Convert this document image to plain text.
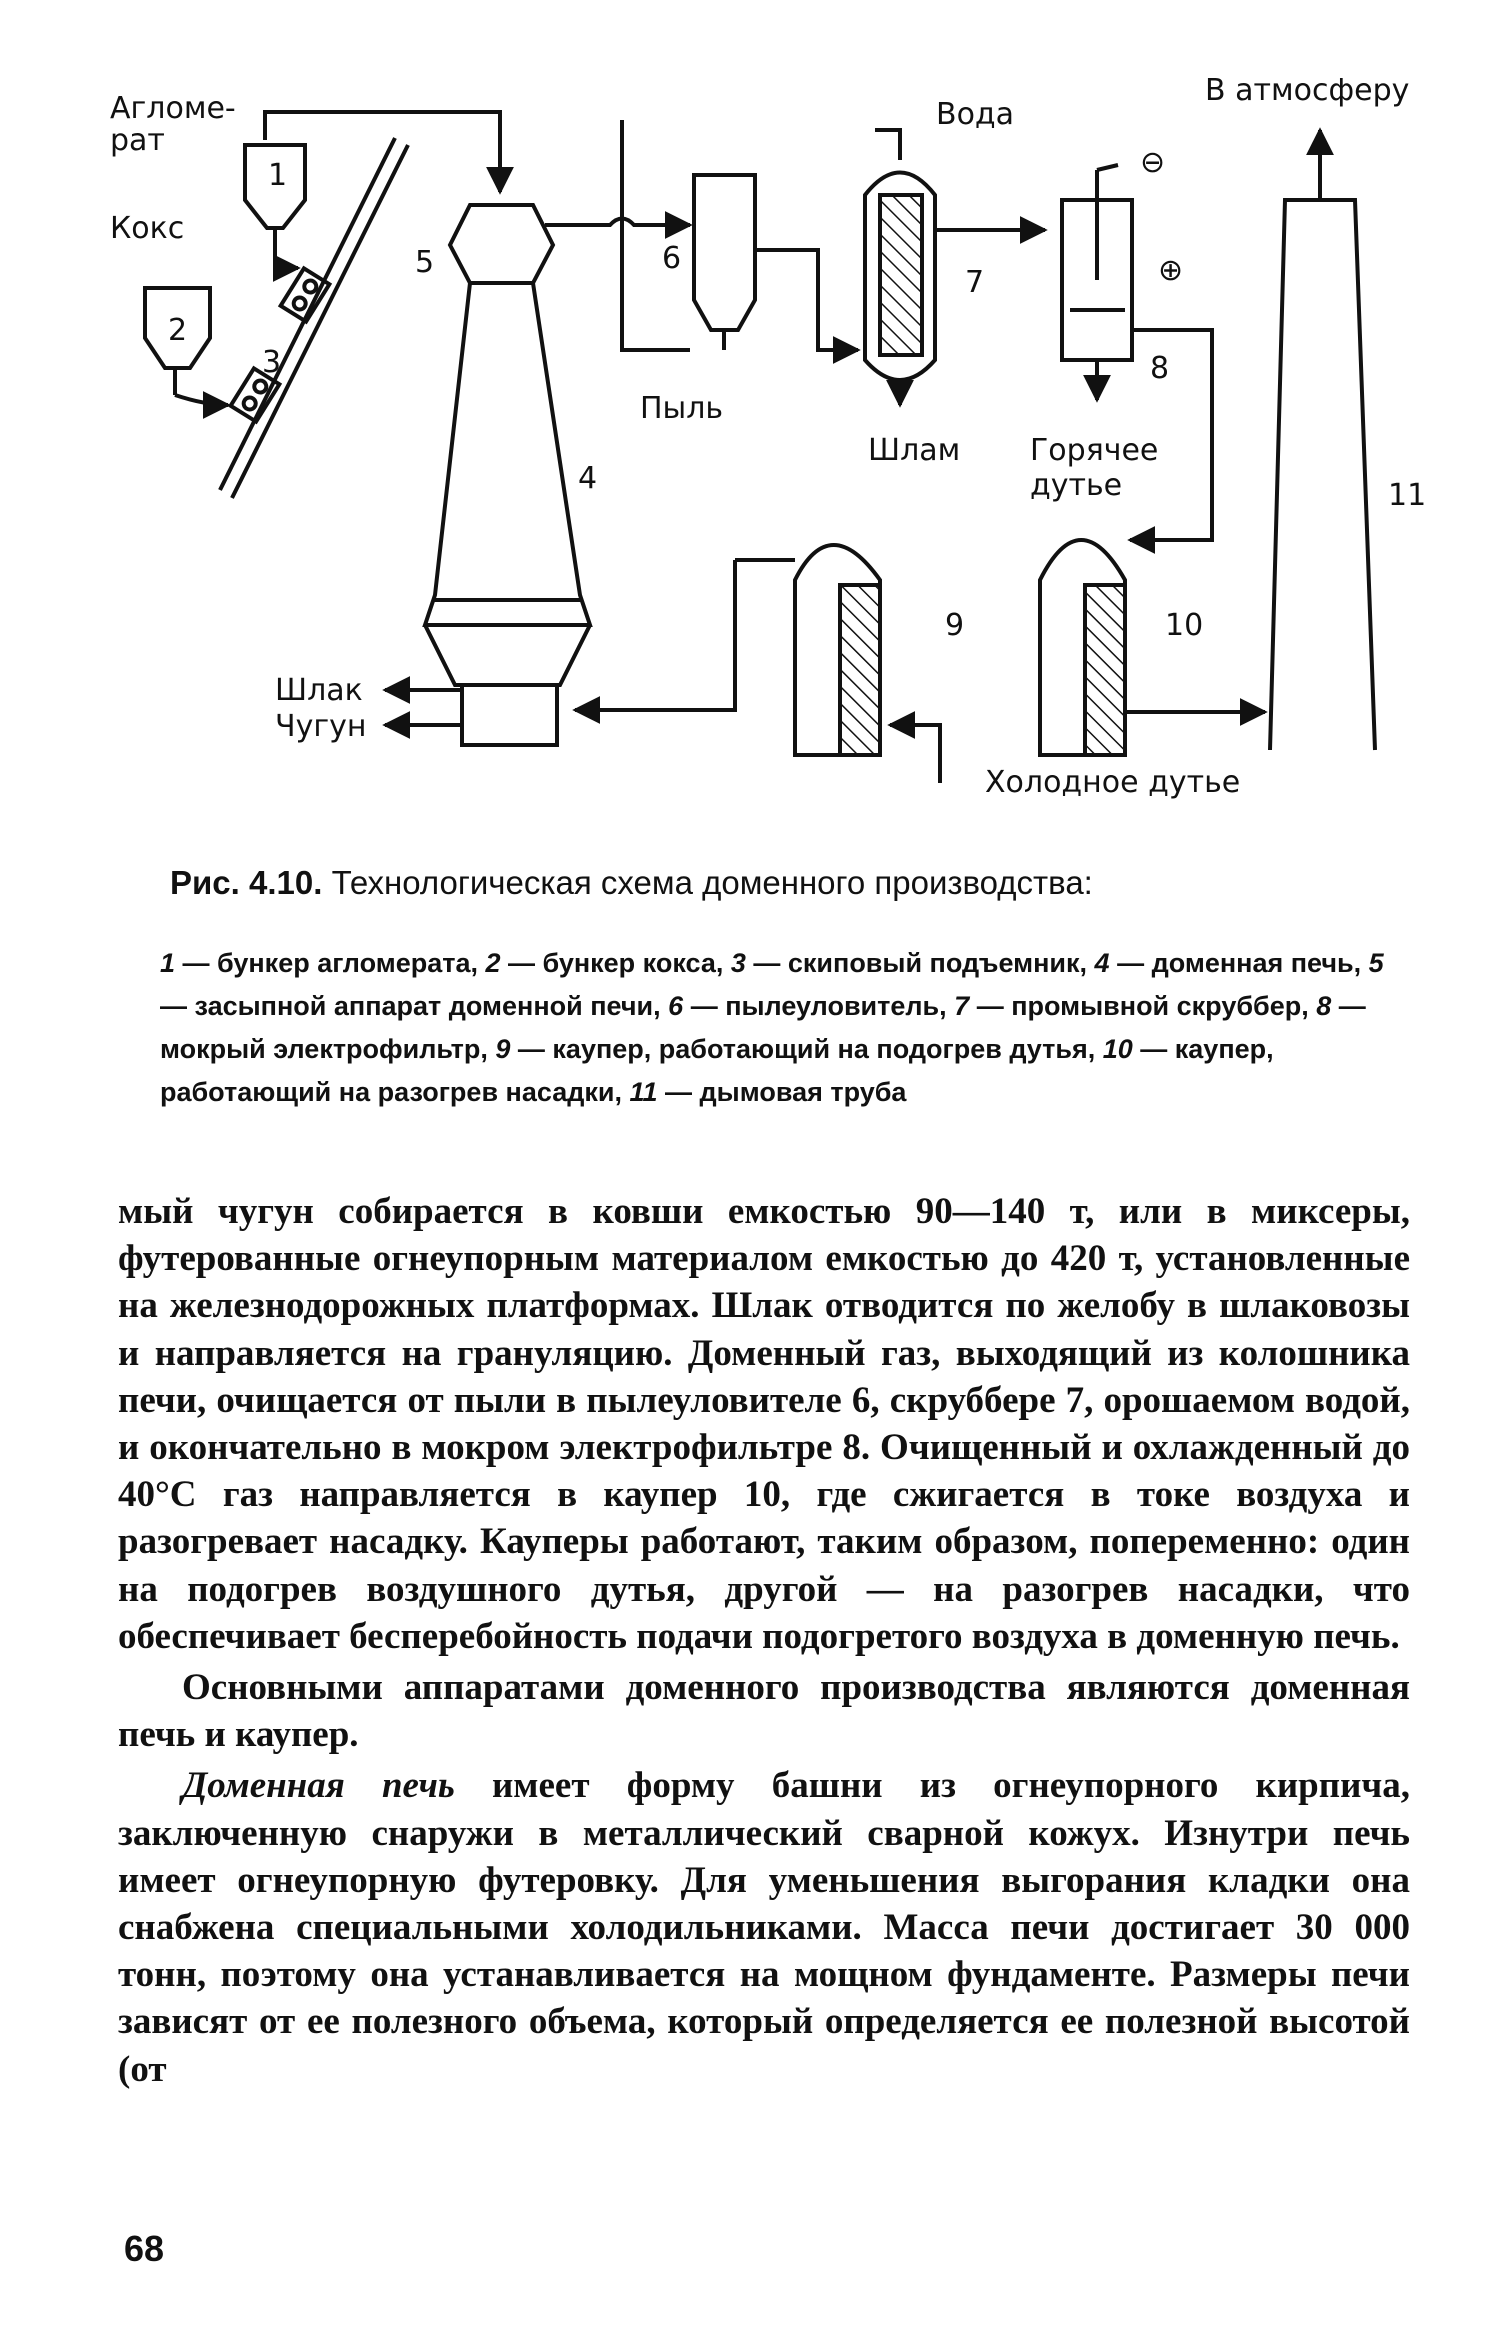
Агломе-
рат
Кокс
Вода
В атмосферу
Пыль
Шлам Горячее
дутье
Шлак
Чугун
Холодное дутье
⊖
⊕
1
2
3
4
5	6
7
8
9	10
11
Рис. 4.10. Технологическая схема доменного производства:
1 — бункер агломерата, 2 — бункер кокса, 3 — скиповый подъемник, 4 — доменная печь, 5 — засыпной аппарат доменной печи, 6 — пылеуловитель, 7 — промывной скруббер, 8 — мокрый электрофильтр, 9 — каупер, работающий на подогрев дутья, 10 — каупер, работающий на разогрев насадки, 11 — дымовая труба

мый чугун собирается в ковши емкостью 90—140 т, или в миксеры, футерованные огнеупорным материалом емкостью до 420 т, установленные на железнодорожных платформах. Шлак отводится по желобу в шлаковозы и направляется на грануляцию. Доменный газ, выходящий из колошника печи, очищается от пыли в пылеуловителе 6, скруббере 7, орошаемом водой, и окончательно в мокром электрофильтре 8. Очищенный и охлажденный до 40°С газ направляется в каупер 10, где сжигается в токе воздуха и разогревает насадку. Кауперы работают, таким образом, попеременно: один на подогрев воздушного дутья, другой — на разогрев насадки, что обеспечивает бесперебойность подачи подогретого воздуха в доменную печь.

Основными аппаратами доменного производства являются доменная печь и каупер.

Доменная печь имеет форму башни из огнеупорного кирпича, заключенную снаружи в металлический сварной кожух. Изнутри печь имеет огнеупорную футеровку. Для уменьшения выгорания кладки она снабжена специальными холодильниками. Масса печи достигает 30 000 тонн, поэтому она устанавливается на мощном фундаменте. Размеры печи зависят от ее полезного объема, который определяется ее полезной высотой (от

68
